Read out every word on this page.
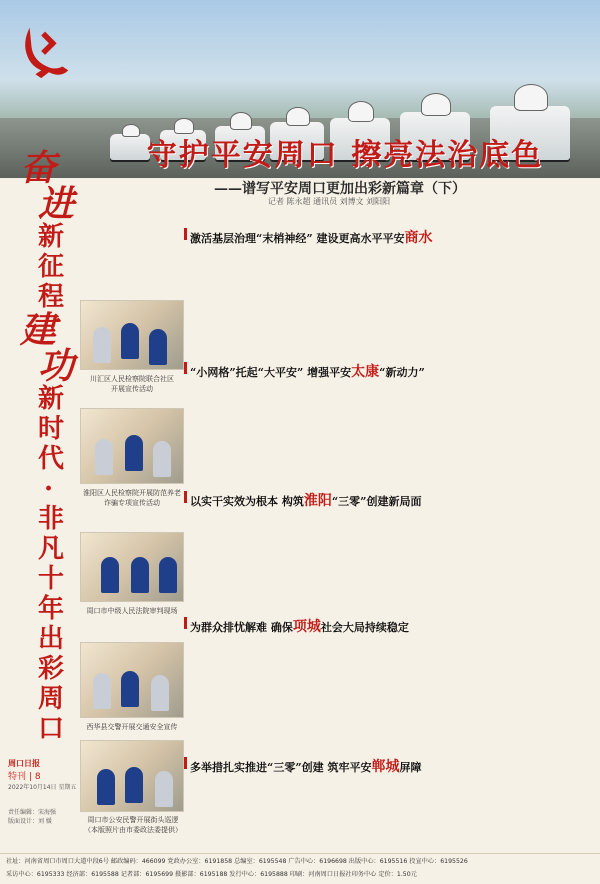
守护平安周口 擦亮法治底色
——谱写平安周口更加出彩新篇章（下）
记者 陈永超 通讯员 刘博文 刘阳阳
奋
进
新
征
程
建
功
新
时
代
·
非
凡
十
年
出
彩
周
口
川汇区人民检察院联合社区
开展宣传活动
淮阳区人民检察院开展防范养老
诈骗专项宣传活动
周口市中级人民法院审判现场
西华县交警开展交通安全宣传
周口市公安民警开展街头巡逻
（本版照片由市委政法委提供）
周口日报
特刊 | 8
2022年10月14日 星期五
责任编辑：宋海强
版面设计：刘 媛
激活基层治理“末梢神经” 建设更高水平平安商水
“小网格”托起“大平安” 增强平安太康“新动力”
以实干实效为根本 构筑淮阳“三零”创建新局面
为群众排忧解难 确保项城社会大局持续稳定
多举措扎实推进“三零”创建 筑牢平安郸城屏障
社址：河南省周口市周口大道中段6号 邮政编码：466099 党政办公室：6191858 总编室：6195548 广告中心：6196698 出版中心：6195516 投宣中心：6195526
采访中心：6195333 经济部：6195588 记者部：6195699 摄影部：6195188 发行中心：6195888 印刷：河南周口日报社印务中心 定价：1.50元
